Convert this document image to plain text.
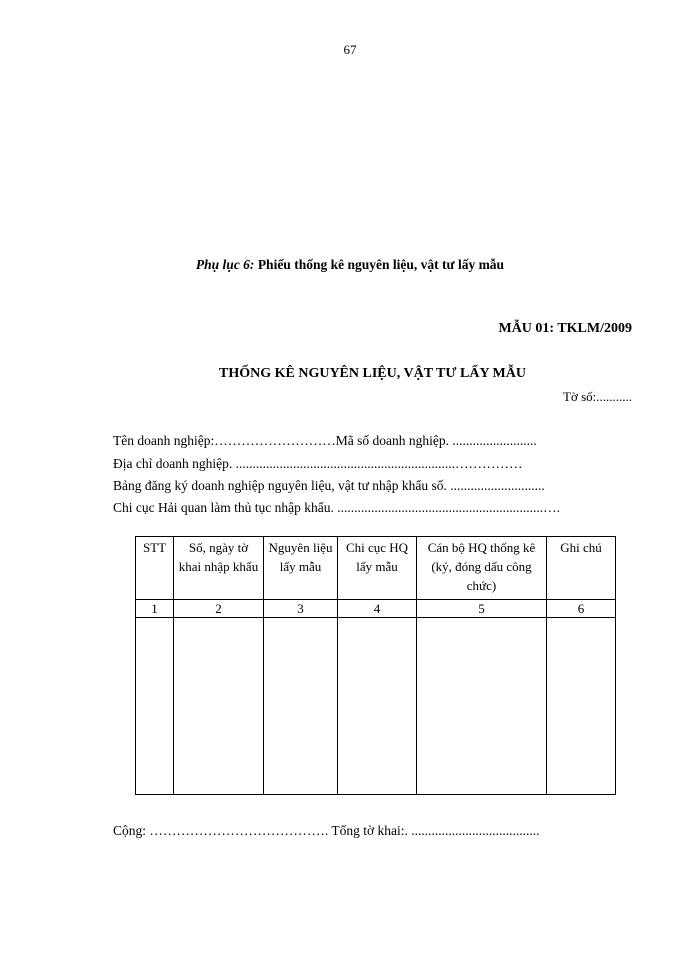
67
Phụ lục 6: Phiếu thống kê nguyên liệu, vật tư lấy mẫu
MẪU 01: TKLM/2009
THỐNG KÊ NGUYÊN LIỆU, VẬT TƯ LẤY MẪU
Tờ số:...........
Tên doanh nghiệp:………………………Mã số doanh nghiệp. .........................
Địa chỉ doanh nghiệp. .................................................................……………
Bảng đăng ký doanh nghiệp nguyên liệu, vật tư nhập khẩu số. ............................
Chi cục Hải quan làm thủ tục nhập khẩu. .............................................................….
STT	Số, ngày tờ khai nhập khẩu	Nguyên liệu lấy mẫu	Chi cục HQ lấy mẫu	Cán bộ HQ thống kê (ký, đóng dấu công chức)	Ghi chú
1	2	3	4	5	6

Cộng: …………………………………. Tổng tờ khai:. ......................................
